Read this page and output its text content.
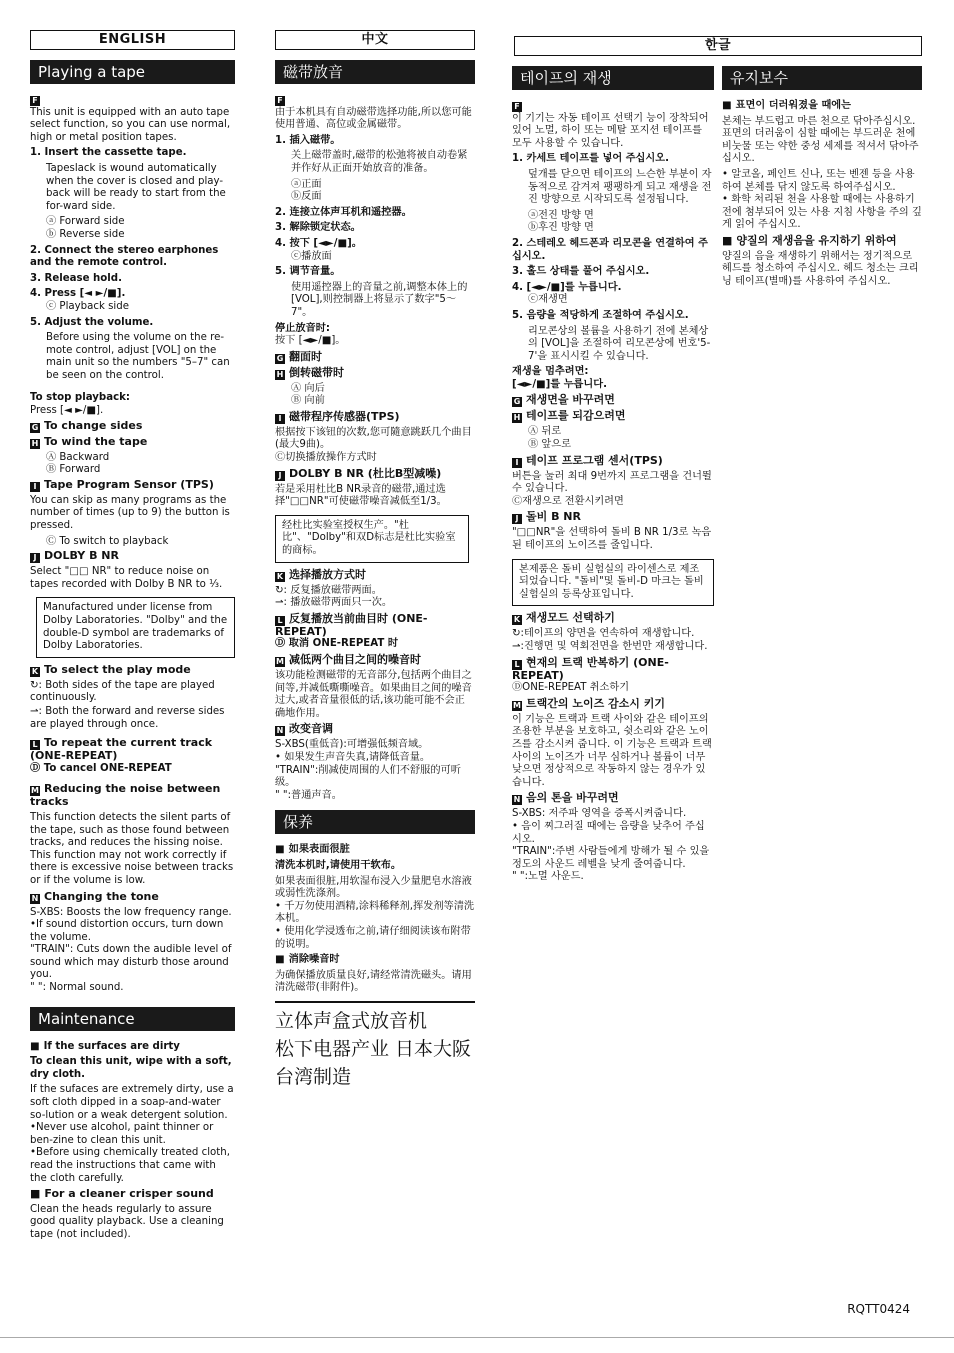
ENGLISH
Playing a tape
F

This unit is equipped with an auto tape select function, so you can use normal, high or metal position tapes.

1. Insert the cassette tape.

Tapeslack is wound automatically when the cover is closed and play-back will be ready to start from the for-ward side.

ⓐ Forward side

ⓑ Reverse side

2. Connect the stereo earphones and the remote control.

3. Release hold.

4. Press [◄ ►/■].

ⓒ Playback side

5. Adjust the volume.

Before using the volume on the re-mote control, adjust [VOL] on the main unit so the numbers "5–7" can be seen on the control.

To stop playback:

Press [◄ ►/■].

G To change sides

H To wind the tape

Ⓐ Backward

Ⓑ Forward

I Tape Program Sensor (TPS)

You can skip as many programs as the number of times (up to 9) the button is pressed.

Ⓒ To switch to playback

J DOLBY B NR

Select "□□ NR" to reduce noise on tapes recorded with Dolby B NR to ⅓.

Manufactured under license from Dolby Laboratories. "Dolby" and the double-D symbol are trademarks of Dolby Laboratories.

K To select the play mode

↻: Both sides of the tape are played continuously.

⇀: Both the forward and reverse sides are played through once.

L To repeat the current track (ONE-REPEAT)

Ⓓ To cancel ONE-REPEAT

M Reducing the noise between tracks

This function detects the silent parts of the tape, such as those found between tracks, and reduces the hissing noise. This function may not work correctly if there is excessive noise between tracks or if the volume is low.

N Changing the tone

S-XBS: Boosts the low frequency range.

•If sound distortion occurs, turn down the volume.

"TRAIN": Cuts down the audible level of sound which may disturb those around you.

" ": Normal sound.

Maintenance

■ If the surfaces are dirty

To clean this unit, wipe with a soft, dry cloth.

If the sufaces are extremely dirty, use a soft cloth dipped in a soap-and-water so-lution or a weak detergent solution.

•Never use alcohol, paint thinner or ben-zine to clean this unit.

•Before using chemically treated cloth, read the instructions that came with the cloth carefully.

■ For a cleaner crisper sound

Clean the heads regularly to assure good quality playback. Use a cleaning tape (not included).

中文
磁带放音
F

由于本机具有自动磁带选择功能,所以您可能使用普通、高位或金属磁带。

1. 插入磁带。

关上磁带盖时,磁带的松弛将被自动卷紧并作好从正面开始放音的准备。

ⓐ正面

ⓑ反面

2. 连接立体声耳机和遥控器。

3. 解除锁定状态。

4. 按下 [◄►/■]。

ⓒ播放面

5. 调节音量。

使用遥控器上的音量之前,调整本体上的[VOL],则控制器上将显示了数字"5～7"。

停止放音时:

按下 [◄►/■]。

G 翻面时

H 倒转磁带时

Ⓐ 向后

Ⓑ 向前

I 磁带程序传感器(TPS)

根据按下该钮的次数,您可隨意跳跃几个曲目(最大9曲)。

Ⓒ切换播放操作方式时

J DOLBY B NR (杜比B型减噪)

若是采用杜比B NR录音的磁带,通过选择"□□NR"可使磁带噪音减低至1/3。

经杜比实验室授权生产。"杜比"、"Dolby"和双D标志是杜比实验室的商标。

K 选择播放方式时

↻: 反复播放磁带两面。

⇀: 播放磁带两面只一次。

L 反复播放当前曲目时 (ONE-REPEAT)

Ⓓ 取消 ONE-REPEAT 时

M 减低两个曲目之间的噪音时

该功能检测磁带的无音部分,包括两个曲目之间等,并减低嘶嘶噪音。如果曲目之间的噪音过大,或者音量很低的话,该功能可能不会正确地作用。

N 改变音调

S-XBS(重低音):可增强低频音域。

• 如果发生声音失真,请降低音量。

"TRAIN":削减使周围的人们不舒服的可听级。

" ":普通声音。

保养

■ 如果表面很脏

清洗本机时,请使用干软布。

如果表面很脏,用软湿布浸入少量肥皂水溶液或弱性洗涤剂。

• 千万勿使用酒精,涂料稀释剂,挥发剂等清洗本机。

• 使用化学浸透布之前,请仔细阅读该布附带的说明。

■ 消除噪音时

为确保播放质量良好,请经常清洗磁头。请用清洗磁带(非附件)。

立体声盒式放音机
松下电器产业 日本大阪
台湾制造
한글
테이프의 재생
F

이 기기는 자동 테이프 선택기 능이 장착되어 있어 노멀, 하이 또는 메탈 포지션 테이프를 모두 사용할 수 있습니다.

1. 카세트 테이프를 넣어 주십시오.

덮개를 닫으면 테이프의 느슨한 부분이 자동적으로 감겨져 팽팽하게 되고 재생을 전진 방향으로 시작되도록 설정됩니다.

ⓐ전진 방향 면

ⓑ후진 방향 면

2. 스테레오 헤드폰과 리모콘을 연결하여 주십시오.

3. 홀드 상태를 풀어 주십시오.

4. [◄►/■]를 누릅니다.

ⓒ재생면

5. 음량을 적당하게 조절하여 주십시오.

리모콘상의 볼륨을 사용하기 전에 본체상의 [VOL]을 조절하여 리모콘상에 번호'5-7'을 표시시킬 수 있습니다.

재생을 멈추려면:

[◄►/■]를 누릅니다.

G 재생면을 바꾸려면

H 테이프를 되감으려면

Ⓐ 뒤로

Ⓑ 앞으로

I 테이프 프로그램 센서(TPS)

버튼을 눌러 최대 9번까지 프로그램을 건너뛸 수 있습니다.

Ⓒ재생으로 전환시키려면

J 돌비 B NR

"□□NR"을 선택하여 돌비 B NR 1/3로 녹음된 테이프의 노이즈를 줄입니다.

본제품은 돌비 실험실의 라이센스로 제조되었습니다. "돌비"및 돌비-D 마크는 돌비 실험실의 등록상표입니다.

K 재생모드 선택하기

↻:테이프의 양면을 연속하여 재생합니다.

⇀:진행면 및 역회전면을 한번만 재생합니다.

L 현재의 트랙 반복하기 (ONE-REPEAT)

ⒹONE-REPEAT 취소하기

M 트랙간의 노이즈 감소시 키기

이 기능은 트랙과 트랙 사이와 같은 테이프의 조용한 부분을 보호하고, 쉿소리와 같은 노이즈를 감소시켜 줍니다. 이 기능은 트랙과 트랙 사이의 노이즈가 너무 심하거나 볼륨이 너무 낮으면 정상적으로 작동하지 않는 경우가 있습니다.

N 음의 톤을 바꾸려면

S-XBS: 저주파 영역을 증폭시켜줍니다.

• 음이 찌그러질 때에는 음량을 낮추어 주십시오.

"TRAIN":주변 사람들에게 방해가 될 수 있을 정도의 사운드 레벨을 낮게 줄여줍니다.

" ":노멀 사운드.

유지보수

■ 표면이 더러워졌을 때에는

본체는 부드럽고 마른 천으로 닦아주십시오. 표면의 더러움이 심할 때에는 부드러운 천에 비눗물 또는 약한 중성 세제를 적셔서 닦아주십시오.

• 알코올, 페인트 신나, 또는 벤젠 등을 사용하여 본체를 닦지 않도록 하여주십시오.

• 화학 처리된 천을 사용할 때에는 사용하기 전에 첨부되어 있는 사용 지침 사항을 주의 깊게 읽어 주십시오.

■ 양질의 재생음을 유지하기 위하여

양질의 음을 재생하기 위해서는 정기적으로 헤드를 청소하여 주십시오. 헤드 청소는 크리닝 테이프(별매)를 사용하여 주십시오.

RQTT0424
